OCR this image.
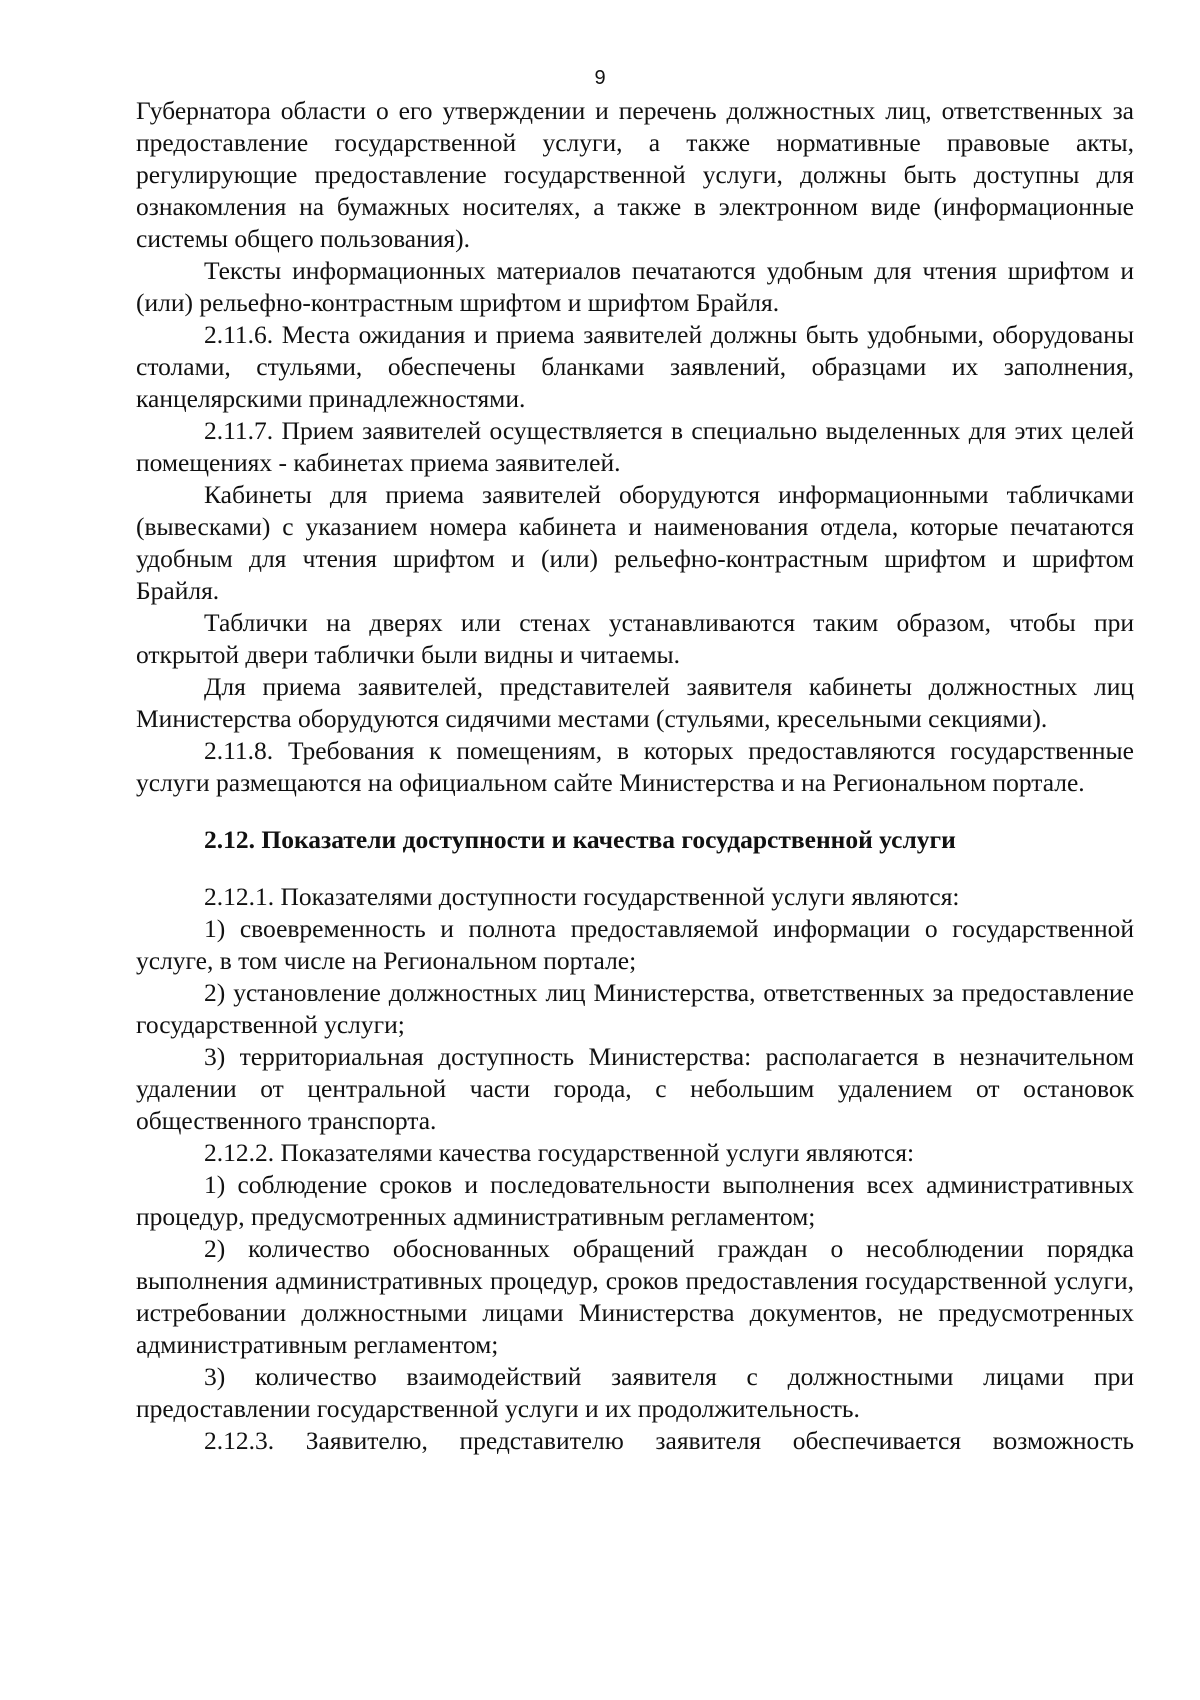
9

Губернатора области о его утверждении и перечень должностных лиц, ответственных за предоставление государственной услуги, а также нормативные правовые акты, регулирующие предоставление государственной услуги, должны быть доступны для ознакомления на бумажных носителях, а также в электронном виде (информационные системы общего пользования).

Тексты информационных материалов печатаются удобным для чтения шрифтом и (или) рельефно-контрастным шрифтом и шрифтом Брайля.

2.11.6. Места ожидания и приема заявителей должны быть удобными, оборудованы столами, стульями, обеспечены бланками заявлений, образцами их заполнения, канцелярскими принадлежностями.

2.11.7. Прием заявителей осуществляется в специально выделенных для этих целей помещениях - кабинетах приема заявителей.

Кабинеты для приема заявителей оборудуются информационными табличками (вывесками) с указанием номера кабинета и наименования отдела, которые печатаются удобным для чтения шрифтом и (или) рельефно-контрастным шрифтом и шрифтом Брайля.

Таблички на дверях или стенах устанавливаются таким образом, чтобы при открытой двери таблички были видны и читаемы.

Для приема заявителей, представителей заявителя кабинеты должностных лиц Министерства оборудуются сидячими местами (стульями, кресельными секциями).

2.11.8. Требования к помещениям, в которых предоставляются государственные услуги размещаются на официальном сайте Министерства и на Региональном портале.

2.12. Показатели доступности и качества государственной услуги

2.12.1. Показателями доступности государственной услуги являются:

1) своевременность и полнота предоставляемой информации о государственной услуге, в том числе на Региональном портале;

2) установление должностных лиц Министерства, ответственных за предоставление государственной услуги;

3) территориальная доступность Министерства: располагается в незначительном удалении от центральной части города, с небольшим удалением от остановок общественного транспорта.

2.12.2. Показателями качества государственной услуги являются:

1) соблюдение сроков и последовательности выполнения всех административных процедур, предусмотренных административным регламентом;

2) количество обоснованных обращений граждан о несоблюдении порядка выполнения административных процедур, сроков предоставления государственной услуги, истребовании должностными лицами Министерства документов, не предусмотренных административным регламентом;

3) количество взаимодействий заявителя с должностными лицами при предоставлении государственной услуги и их продолжительность.

2.12.3. Заявителю, представителю заявителя обеспечивается возможность
